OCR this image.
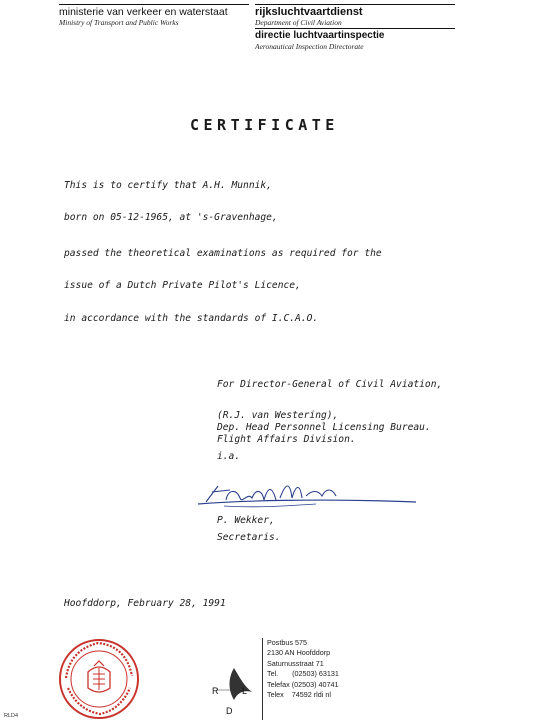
ministerie van verkeer en waterstaat
Ministry of Transport and Public Works
rijksluchtvaartdienst
Department of Civil Aviation
directie luchtvaartinspectie
Aeronautical Inspection Directorate
CERTIFICATE
This is to certify that A.H. Munnik,
born on 05-12-1965, at 's-Gravenhage,
passed the theoretical examinations as required for the
issue of a Dutch Private Pilot's Licence,
in accordance with the standards of I.C.A.O.
For Director-General of Civil Aviation,
(R.J. van Westering),
Dep. Head Personnel Licensing Bureau.
Flight Affairs Division.
i.a.
P. Wekker,
Secretaris.
Hoofddorp, February 28, 1991
R	L
D
Postbus 575
2130 AN Hoofddorp
Saturnusstraat 71
Tel.       (02503) 63131
Telefax (02503) 40741
Telex    74592 rldi nl
RLD4
